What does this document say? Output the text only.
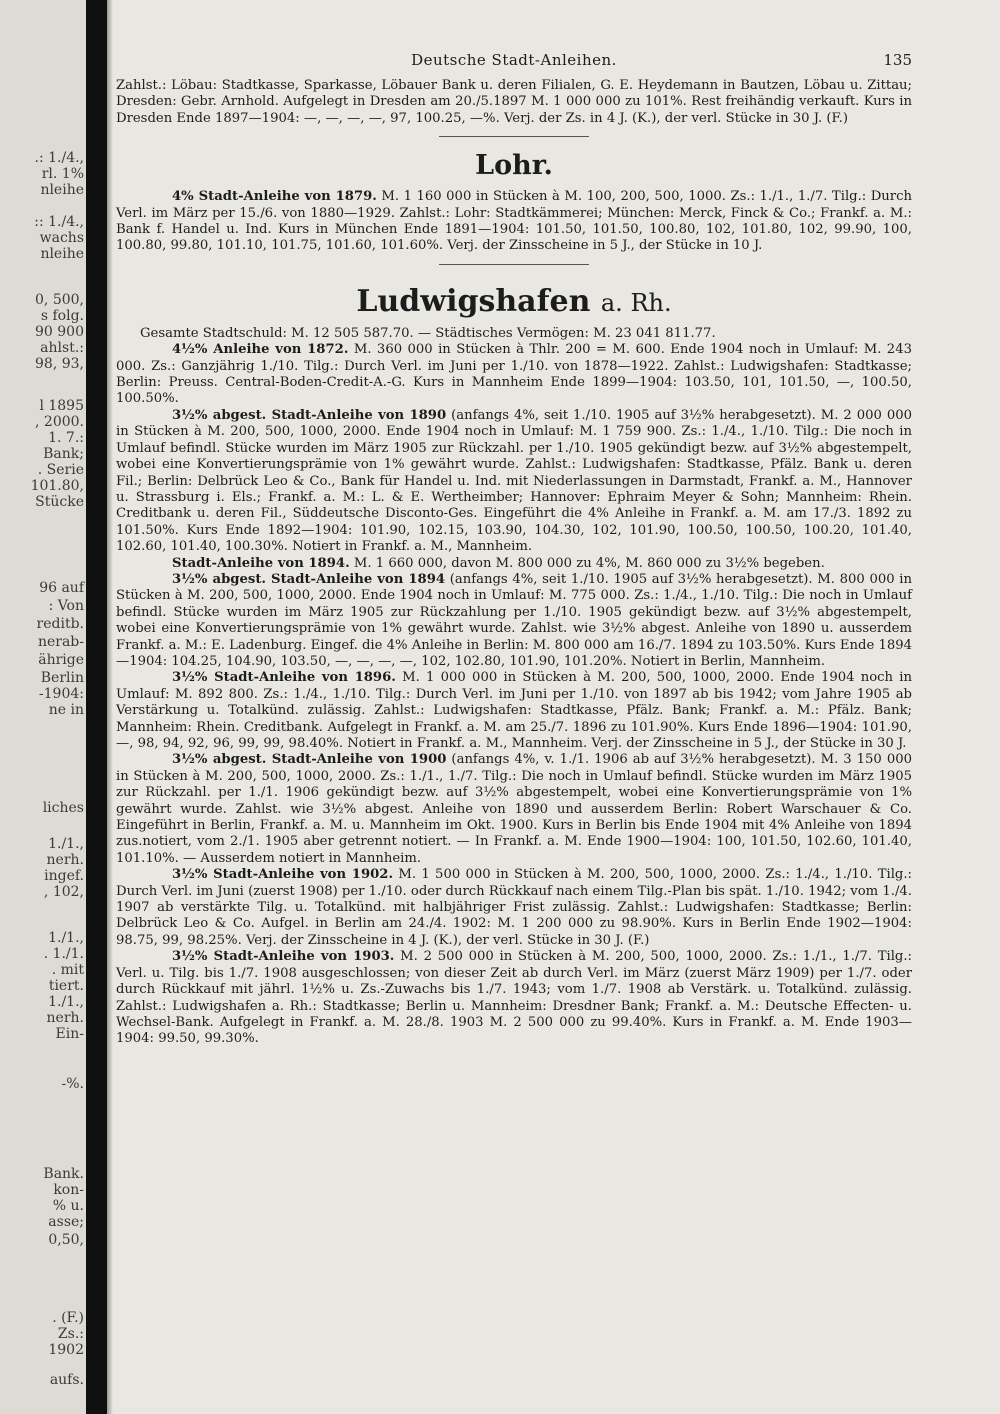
.: 1./4.,
rl. 1%
nleihe
:: 1./4.,
wachs
nleihe
0, 500,
s folg.
90 900
ahlst.:
98, 93,
l 1895
, 2000.
1. 7.:
Bank;
. Serie
101.80,
Stücke
96 auf
: Von
reditb.
nerab-
ährige
Berlin
-1904:
ne in
liches
1./1.,
nerh.
ingef.
, 102,
1./1.,
. 1./1.
. mit
tiert.
1./1.,
nerh.
Ein-
-%.
Bank.
kon-
% u.
asse;
0,50,
. (F.)
Zs.:
1902
aufs.
Deutsche Stadt-Anleihen.	135

Zahlst.: Löbau: Stadtkasse, Sparkasse, Löbauer Bank u. deren Filialen, G. E. Heydemann in Bautzen, Löbau u. Zittau; Dresden: Gebr. Arnhold. Aufgelegt in Dresden am 20./5.1897 M. 1 000 000 zu 101%. Rest freihändig verkauft. Kurs in Dresden Ende 1897—1904: —, —, —, —, 97, 100.25, —%. Verj. der Zs. in 4 J. (K.), der verl. Stücke in 30 J. (F.)

Lohr.

4% Stadt-Anleihe von 1879. M. 1 160 000 in Stücken à M. 100, 200, 500, 1000. Zs.: 1./1., 1./7. Tilg.: Durch Verl. im März per 15./6. von 1880—1929. Zahlst.: Lohr: Stadtkämmerei; München: Merck, Finck & Co.; Frankf. a. M.: Bank f. Handel u. Ind. Kurs in München Ende 1891—1904: 101.50, 101.50, 100.80, 102, 101.80, 102, 99.90, 100, 100.80, 99.80, 101.10, 101.75, 101.60, 101.60%. Verj. der Zinsscheine in 5 J., der Stücke in 10 J.

Ludwigshafen a. Rh.

Gesamte Stadtschuld: M. 12 505 587.70. — Städtisches Vermögen: M. 23 041 811.77.

4½% Anleihe von 1872. M. 360 000 in Stücken à Thlr. 200 = M. 600. Ende 1904 noch in Umlauf: M. 243 000. Zs.: Ganzjährig 1./10. Tilg.: Durch Verl. im Juni per 1./10. von 1878—1922. Zahlst.: Ludwigshafen: Stadtkasse; Berlin: Preuss. Central-Boden-Credit-A.-G. Kurs in Mannheim Ende 1899—1904: 103.50, 101, 101.50, —, 100.50, 100.50%.

3½% abgest. Stadt-Anleihe von 1890 (anfangs 4%, seit 1./10. 1905 auf 3½% herabgesetzt). M. 2 000 000 in Stücken à M. 200, 500, 1000, 2000. Ende 1904 noch in Umlauf: M. 1 759 900. Zs.: 1./4., 1./10. Tilg.: Die noch in Umlauf befindl. Stücke wurden im März 1905 zur Rückzahl. per 1./10. 1905 gekündigt bezw. auf 3½% abgestempelt, wobei eine Konvertierungsprämie von 1% gewährt wurde. Zahlst.: Ludwigshafen: Stadtkasse, Pfälz. Bank u. deren Fil.; Berlin: Delbrück Leo & Co., Bank für Handel u. Ind. mit Niederlassungen in Darmstadt, Frankf. a. M., Hannover u. Strassburg i. Els.; Frankf. a. M.: L. & E. Wertheimber; Hannover: Ephraim Meyer & Sohn; Mannheim: Rhein. Creditbank u. deren Fil., Süddeutsche Disconto-Ges. Eingeführt die 4% Anleihe in Frankf. a. M. am 17./3. 1892 zu 101.50%. Kurs Ende 1892—1904: 101.90, 102.15, 103.90, 104.30, 102, 101.90, 100.50, 100.50, 100.20, 101.40, 102.60, 101.40, 100.30%. Notiert in Frankf. a. M., Mannheim.

Stadt-Anleihe von 1894. M. 1 660 000, davon M. 800 000 zu 4%, M. 860 000 zu 3½% begeben.

3½% abgest. Stadt-Anleihe von 1894 (anfangs 4%, seit 1./10. 1905 auf 3½% herabgesetzt). M. 800 000 in Stücken à M. 200, 500, 1000, 2000. Ende 1904 noch in Umlauf: M. 775 000. Zs.: 1./4., 1./10. Tilg.: Die noch in Umlauf befindl. Stücke wurden im März 1905 zur Rückzahlung per 1./10. 1905 gekündigt bezw. auf 3½% abgestempelt, wobei eine Konvertierungsprämie von 1% gewährt wurde. Zahlst. wie 3½% abgest. Anleihe von 1890 u. ausserdem Frankf. a. M.: E. Ladenburg. Eingef. die 4% Anleihe in Berlin: M. 800 000 am 16./7. 1894 zu 103.50%. Kurs Ende 1894—1904: 104.25, 104.90, 103.50, —, —, —, —, 102, 102.80, 101.90, 101.20%. Notiert in Berlin, Mannheim.

3½% Stadt-Anleihe von 1896. M. 1 000 000 in Stücken à M. 200, 500, 1000, 2000. Ende 1904 noch in Umlauf: M. 892 800. Zs.: 1./4., 1./10. Tilg.: Durch Verl. im Juni per 1./10. von 1897 ab bis 1942; vom Jahre 1905 ab Verstärkung u. Totalkünd. zulässig. Zahlst.: Ludwigshafen: Stadtkasse, Pfälz. Bank; Frankf. a. M.: Pfälz. Bank; Mannheim: Rhein. Creditbank. Aufgelegt in Frankf. a. M. am 25./7. 1896 zu 101.90%. Kurs Ende 1896—1904: 101.90, —, 98, 94, 92, 96, 99, 99, 98.40%. Notiert in Frankf. a. M., Mannheim. Verj. der Zinsscheine in 5 J., der Stücke in 30 J.

3½% abgest. Stadt-Anleihe von 1900 (anfangs 4%, v. 1./1. 1906 ab auf 3½% herabgesetzt). M. 3 150 000 in Stücken à M. 200, 500, 1000, 2000. Zs.: 1./1., 1./7. Tilg.: Die noch in Umlauf befindl. Stücke wurden im März 1905 zur Rückzahl. per 1./1. 1906 gekündigt bezw. auf 3½% abgestempelt, wobei eine Konvertierungsprämie von 1% gewährt wurde. Zahlst. wie 3½% abgest. Anleihe von 1890 und ausserdem Berlin: Robert Warschauer & Co. Eingeführt in Berlin, Frankf. a. M. u. Mannheim im Okt. 1900. Kurs in Berlin bis Ende 1904 mit 4% Anleihe von 1894 zus.notiert, vom 2./1. 1905 aber getrennt notiert. — In Frankf. a. M. Ende 1900—1904: 100, 101.50, 102.60, 101.40, 101.10%. — Ausserdem notiert in Mannheim.

3½% Stadt-Anleihe von 1902. M. 1 500 000 in Stücken à M. 200, 500, 1000, 2000. Zs.: 1./4., 1./10. Tilg.: Durch Verl. im Juni (zuerst 1908) per 1./10. oder durch Rückkauf nach einem Tilg.-Plan bis spät. 1./10. 1942; vom 1./4. 1907 ab verstärkte Tilg. u. Totalkünd. mit halbjähriger Frist zulässig. Zahlst.: Ludwigshafen: Stadtkasse; Berlin: Delbrück Leo & Co. Aufgel. in Berlin am 24./4. 1902: M. 1 200 000 zu 98.90%. Kurs in Berlin Ende 1902—1904: 98.75, 99, 98.25%. Verj. der Zinsscheine in 4 J. (K.), der verl. Stücke in 30 J. (F.)

3½% Stadt-Anleihe von 1903. M. 2 500 000 in Stücken à M. 200, 500, 1000, 2000. Zs.: 1./1., 1./7. Tilg.: Verl. u. Tilg. bis 1./7. 1908 ausgeschlossen; von dieser Zeit ab durch Verl. im März (zuerst März 1909) per 1./7. oder durch Rückkauf mit jährl. 1½% u. Zs.-Zuwachs bis 1./7. 1943; vom 1./7. 1908 ab Verstärk. u. Totalkünd. zulässig. Zahlst.: Ludwigshafen a. Rh.: Stadtkasse; Berlin u. Mannheim: Dresdner Bank; Frankf. a. M.: Deutsche Effecten- u. Wechsel-Bank. Aufgelegt in Frankf. a. M. 28./8. 1903 M. 2 500 000 zu 99.40%. Kurs in Frankf. a. M. Ende 1903—1904: 99.50, 99.30%.
